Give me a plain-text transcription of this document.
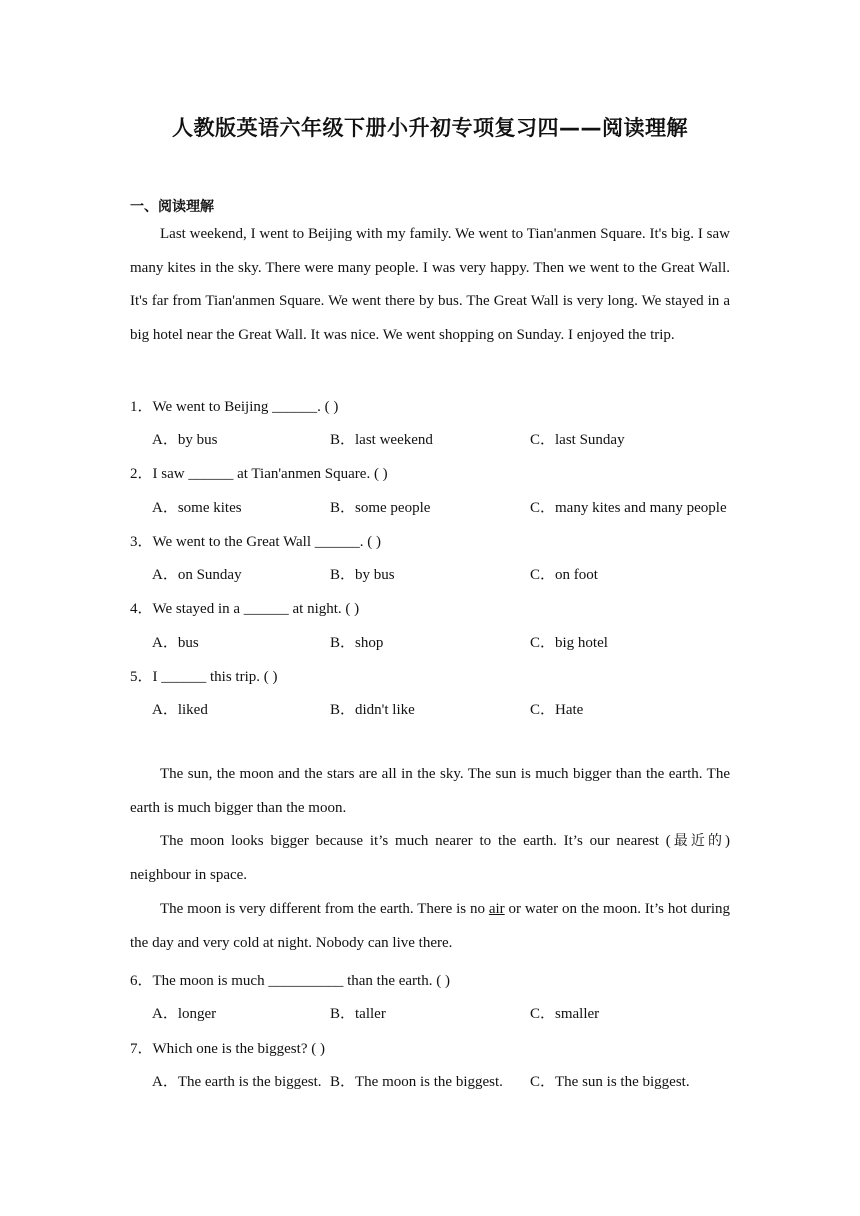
人教版英语六年级下册小升初专项复习四——阅读理解
一、阅读理解

Last weekend, I went to Beijing with my family. We went to Tian'anmen Square. It's big. I saw many kites in the sky. There were many people. I was very happy. Then we went to the Great Wall. It's far from Tian'anmen Square. We went there by bus. The Great Wall is very long. We stayed in a big hotel near the Great Wall. It was nice. We went shopping on Sunday. I enjoyed the trip.

1．We went to Beijing ______. ( )
A．by bus	B．last weekend	C．last Sunday
2．I saw ______ at Tian'anmen Square. ( )
A．some kites	B．some people	C．many kites and many people
3．We went to the Great Wall ______. ( )
A．on Sunday	B．by bus	C．on foot
4．We stayed in a ______ at night. ( )
A．bus	B．shop	C．big hotel
5．I ______ this trip. ( )
A．liked	B．didn't like	C．Hate

The sun, the moon and the stars are all in the sky. The sun is much bigger than the earth. The earth is much bigger than the moon.

The moon looks bigger because it’s much nearer to the earth. It’s our nearest (最近的) neighbour in space.

The moon is very different from the earth. There is no air or water on the moon. It’s hot during the day and very cold at night. Nobody can live there.

6．The moon is much __________ than the earth. ( )
A．longer	B．taller	C．smaller
7．Which one is the biggest? ( )
A．The earth is the biggest. B．The moon is the biggest. C．The sun is the biggest.
